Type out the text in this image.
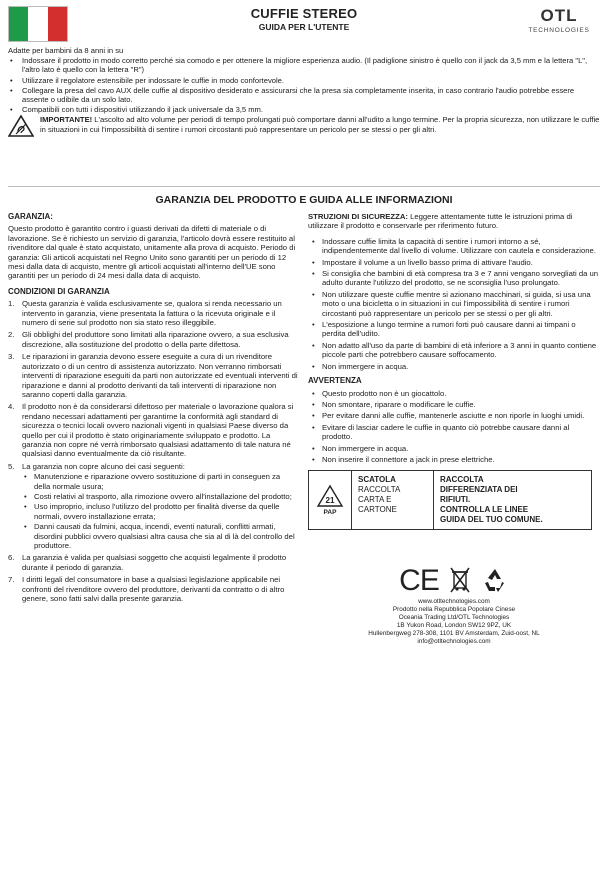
CUFFIE STEREO
GUIDA PER L'UTENTE
OTL
TECHNOLOGIES
Adatte per bambini da 8 anni in su
• Indossare il prodotto in modo corretto perché sia comodo e per ottenere la migliore esperienza audio. (Il padiglione sinistro è quello con il jack da 3,5 mm e la lettera "L", l'altro lato è quello con la lettera "R")
• Utilizzare il regolatore estensibile per indossare le cuffie in modo confortevole.
• Collegare la presa del cavo AUX delle cuffie al dispositivo desiderato e assicurarsi che la presa sia completamente inserita, in caso contrario l'audio potrebbe essere assente o udibile da un solo lato.
• Compatibili con tutti i dispositivi utilizzando il jack universale da 3,5 mm.
IMPORTANTE! L'ascolto ad alto volume per periodi di tempo prolungati può comportare danni all'udito a lungo termine. Per la propria sicurezza, non utilizzare le cuffie in situazioni in cui l'impossibilità di sentire i rumori circostanti può rappresentare un pericolo per se stessi o per gli altri.
GARANZIA DEL PRODOTTO E GUIDA ALLE INFORMAZIONI
GARANZIA:

Questo prodotto è garantito contro i guasti derivati da difetti di materiale o di lavorazione. Se è richiesto un servizio di garanzia, l'articolo dovrà essere restituito al rivenditore dal quale è stato acquistato, unitamente alla prova di acquisto. Periodo di garanzia: Gli articoli acquistati nel Regno Unito sono garantiti per un periodo di 12 mesi dalla data di acquisto, mentre gli articoli acquistati all'interno dell'UE sono garantiti per un periodo di 24 mesi dalla data di acquisto.

CONDIZIONI DI GARANZIA
1. Questa garanzia è valida esclusivamente se, qualora si renda necessario un intervento in garanzia, viene presentata la fattura o la ricevuta originale e il numero di serie sul prodotto non sia stato reso illeggibile.
2. Gli obblighi del produttore sono limitati alla riparazione ovvero, a sua esclusiva discrezione, alla sostituzione del prodotto o della parte difettosa.
3. Le riparazioni in garanzia devono essere eseguite a cura di un rivenditore autorizzato o di un centro di assistenza autorizzato. Non verranno rimborsati interventi di riparazione eseguiti da parti non autorizzate ed eventuali interventi di riparazione e danni al prodotto derivanti da tali interventi di riparazione non saranno coperti dalla garanzia.
4. Il prodotto non è da considerarsi difettoso per materiale o lavorazione qualora si rendano necessari adattamenti per garantirne la conformità agli standard di sicurezza o tecnici locali ovvero nazionali vigenti in qualsiasi Paese diverso da quello per cui il prodotto è stato originariamente sviluppato e prodotto. La garanzia non copre né verrà rimborsato qualsiasi adattamento di tale natura né qualsiasi danno eventualmente da ciò risultante.
5. La garanzia non copre alcuno dei casi seguenti:
• Manutenzione e riparazione ovvero sostituzione di parti in conseguen za della normale usura;
• Costi relativi al trasporto, alla rimozione ovvero all'installazione del prodotto;
• Uso improprio, incluso l'utilizzo del prodotto per finalità diverse da quelle normali, ovvero installazione errata;
• Danni causati da fulmini, acqua, incendi, eventi naturali, conflitti armati, disordini pubblici ovvero qualsiasi altra causa che sia al di là del controllo del produttore.
6. La garanzia è valida per qualsiasi soggetto che acquisti legalmente il prodotto durante il periodo di garanzia.
7. I diritti legali del consumatore in base a qualsiasi legislazione applicabile nei confronti del rivenditore ovvero del produttore, derivanti da contratto o di altro genere, sono fatti salvi dalla presente garanzia.

STRUZIONI DI SICUREZZA: Leggere attentamente tutte le istruzioni prima di utilizzare il prodotto e conservarle per riferimento futuro.

• Indossare cuffie limita la capacità di sentire i rumori intorno a sé, indipendentemente dal livello di volume. Utilizzare con cautela e considerazione.
• Impostare il volume a un livello basso prima di attivare l'audio.
• Si consiglia che bambini di età compresa tra 3 e 7 anni vengano sorvegliati da un adulto durante l'utilizzo del prodotto, se ne sconsiglia l'uso prolungato.
• Non utilizzare queste cuffie mentre si azionano macchinari, si guida, si usa una moto o una bicicletta o in situazioni in cui l'impossibilità di sentire i rumori circostanti può rappresentare un pericolo per se stessi o per gli altri.
• L'esposizione a lungo termine a rumori forti può causare danni ai timpani o perdita dell'udito.
• Non adatto all'uso da parte di bambini di età inferiore a 3 anni in quanto contiene piccole parti che potrebbero causare soffocamento.
• Non immergere in acqua.
AVVERTENZA
• Questo prodotto non è un giocattolo.
• Non smontare, riparare o modificare le cuffie.
• Per evitare danni alle cuffie, mantenerle asciutte e non riporle in luoghi umidi.
• Evitare di lasciar cadere le cuffie in quanto ciò potrebbe causare danni al prodotto.
• Non immergere in acqua.
• Non inserire il connettore a jack in prese elettriche.
21
PAP
SCATOLA
RACCOLTA
CARTA E
CARTONE
RACCOLTA
DIFFERENZIATA DEI
RIFIUTI.
CONTROLLA LE LINEE
GUIDA DEL TUO COMUNE.
CE
www.otltechnologies.com
Prodotto nella Repubblica Popolare Cinese
Oceania Trading Ltd/OTL Technologies
1B Yukon Road, London SW12 9PZ, UK
Hullenbergweg 278-308, 1101 BV Amsterdam, Zuid-oost, NL
info@otltechnologies.com
